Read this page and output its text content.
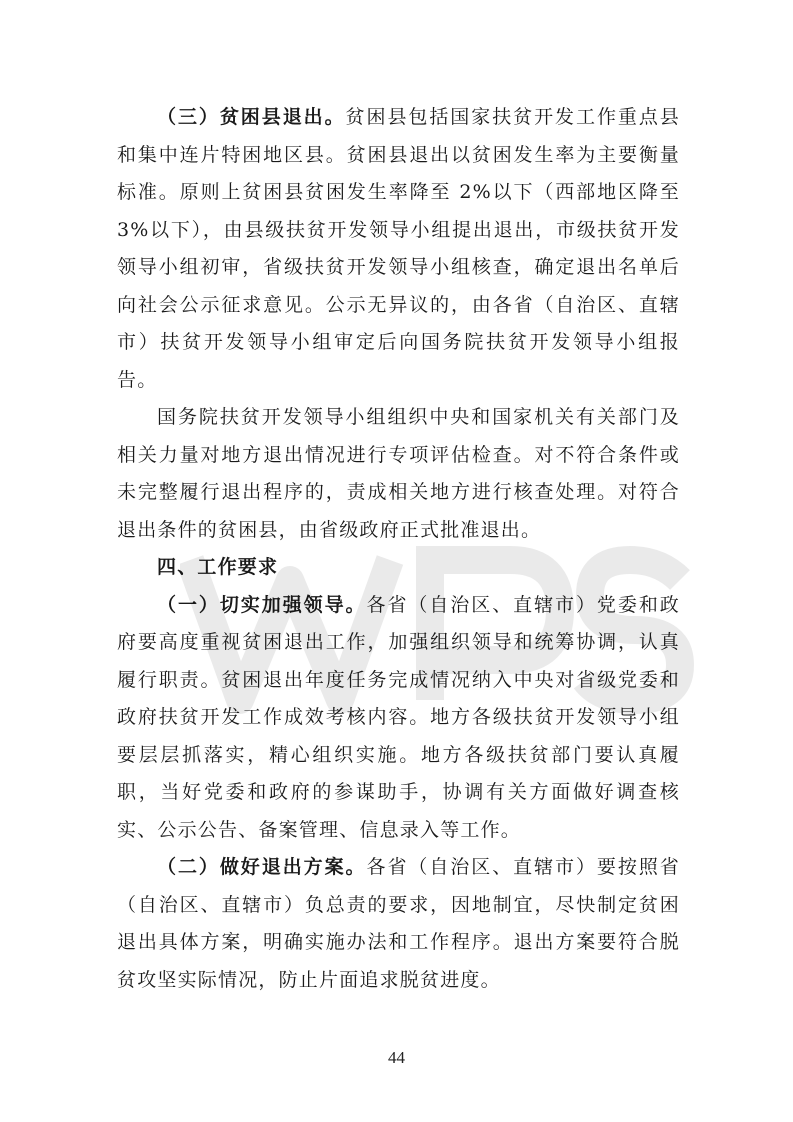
（三）贫困县退出。贫困县包括国家扶贫开发工作重点县和集中连片特困地区县。贫困县退出以贫困发生率为主要衡量标准。原则上贫困县贫困发生率降至 2%以下（西部地区降至 3%以下），由县级扶贫开发领导小组提出退出，市级扶贫开发领导小组初审，省级扶贫开发领导小组核查，确定退出名单后向社会公示征求意见。公示无异议的，由各省（自治区、直辖市）扶贫开发领导小组审定后向国务院扶贫开发领导小组报告。

国务院扶贫开发领导小组组织中央和国家机关有关部门及相关力量对地方退出情况进行专项评估检查。对不符合条件或未完整履行退出程序的，责成相关地方进行核查处理。对符合退出条件的贫困县，由省级政府正式批准退出。

四、工作要求

（一）切实加强领导。各省（自治区、直辖市）党委和政府要高度重视贫困退出工作，加强组织领导和统筹协调，认真履行职责。贫困退出年度任务完成情况纳入中央对省级党委和政府扶贫开发工作成效考核内容。地方各级扶贫开发领导小组要层层抓落实，精心组织实施。地方各级扶贫部门要认真履职，当好党委和政府的参谋助手，协调有关方面做好调查核实、公示公告、备案管理、信息录入等工作。

（二）做好退出方案。各省（自治区、直辖市）要按照省（自治区、直辖市）负总责的要求，因地制宜，尽快制定贫困退出具体方案，明确实施办法和工作程序。退出方案要符合脱贫攻坚实际情况，防止片面追求脱贫进度。

44
